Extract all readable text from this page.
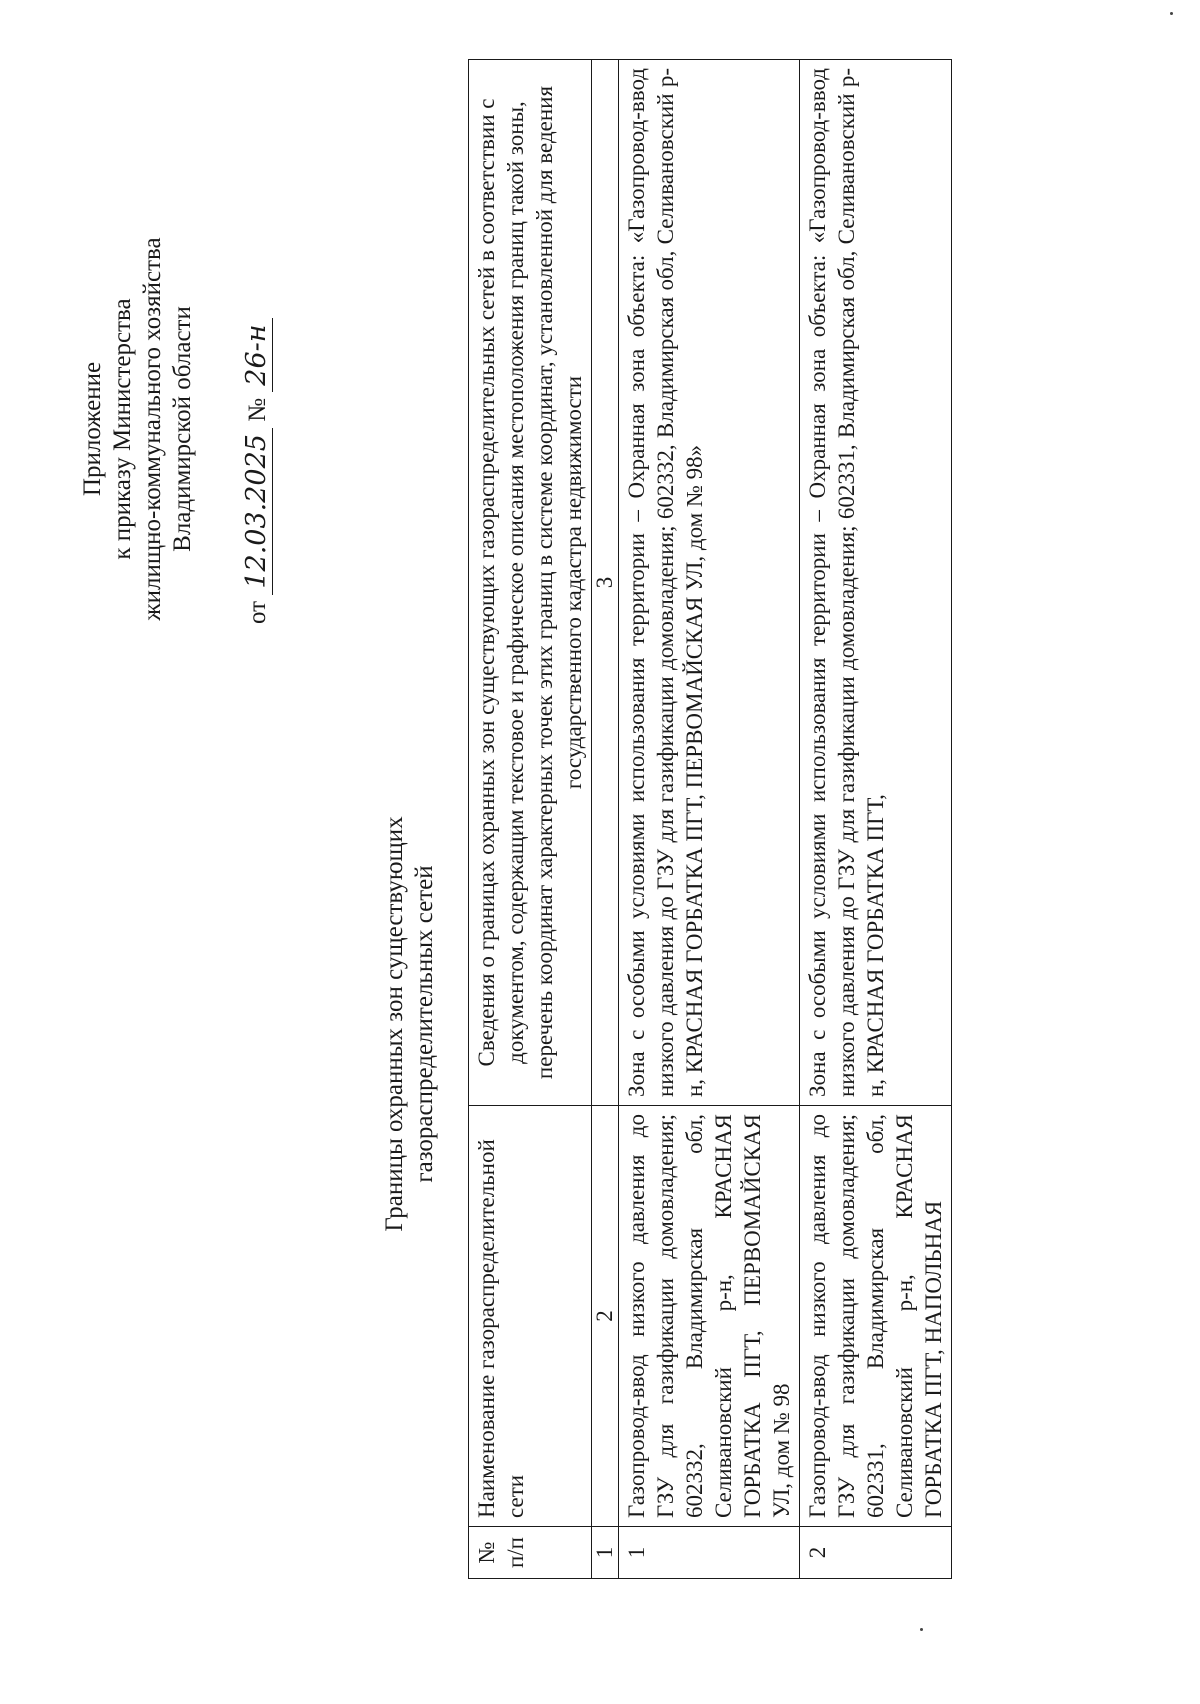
Приложение к приказу Министерства жилищно-коммунального хозяйства Владимирской области
от 12.03.2025 № 26-н
Границы охранных зон существующих газораспределительных сетей
№ п/п	Наименование газораспределительной сети	Сведения о границах охранных зон существующих газораспределительных сетей в соответствии с документом, содержащим текстовое и графическое описания местоположения границ такой зоны, перечень координат характерных точек этих границ в системе координат, установленной для ведения государственного кадастра недвижимости
1	2	3
1	Газопровод-ввод низкого давления до ГЗУ для газификации домовладения; 602332, Владимирская обл, Селивановский р-н, КРАСНАЯ ГОРБАТКА ПГТ, ПЕРВОМАЙСКАЯ УЛ, дом № 98	Зона с особыми условиями использования территории – Охранная зона объекта: «Газопровод-ввод низкого давления до ГЗУ для газификации домовладения; 602332, Владимирская обл, Селивановский р-н, КРАСНАЯ ГОРБАТКА ПГТ, ПЕРВОМАЙСКАЯ УЛ, дом № 98»
2	Газопровод-ввод низкого давления до ГЗУ для газификации домовладения; 602331, Владимирская обл, Селивановский р-н, КРАСНАЯ ГОРБАТКА ПГТ, НАПОЛЬНАЯ	Зона с особыми условиями использования территории – Охранная зона объекта: «Газопровод-ввод низкого давления до ГЗУ для газификации домовладения; 602331, Владимирская обл, Селивановский р-н, КРАСНАЯ ГОРБАТКА ПГТ,
